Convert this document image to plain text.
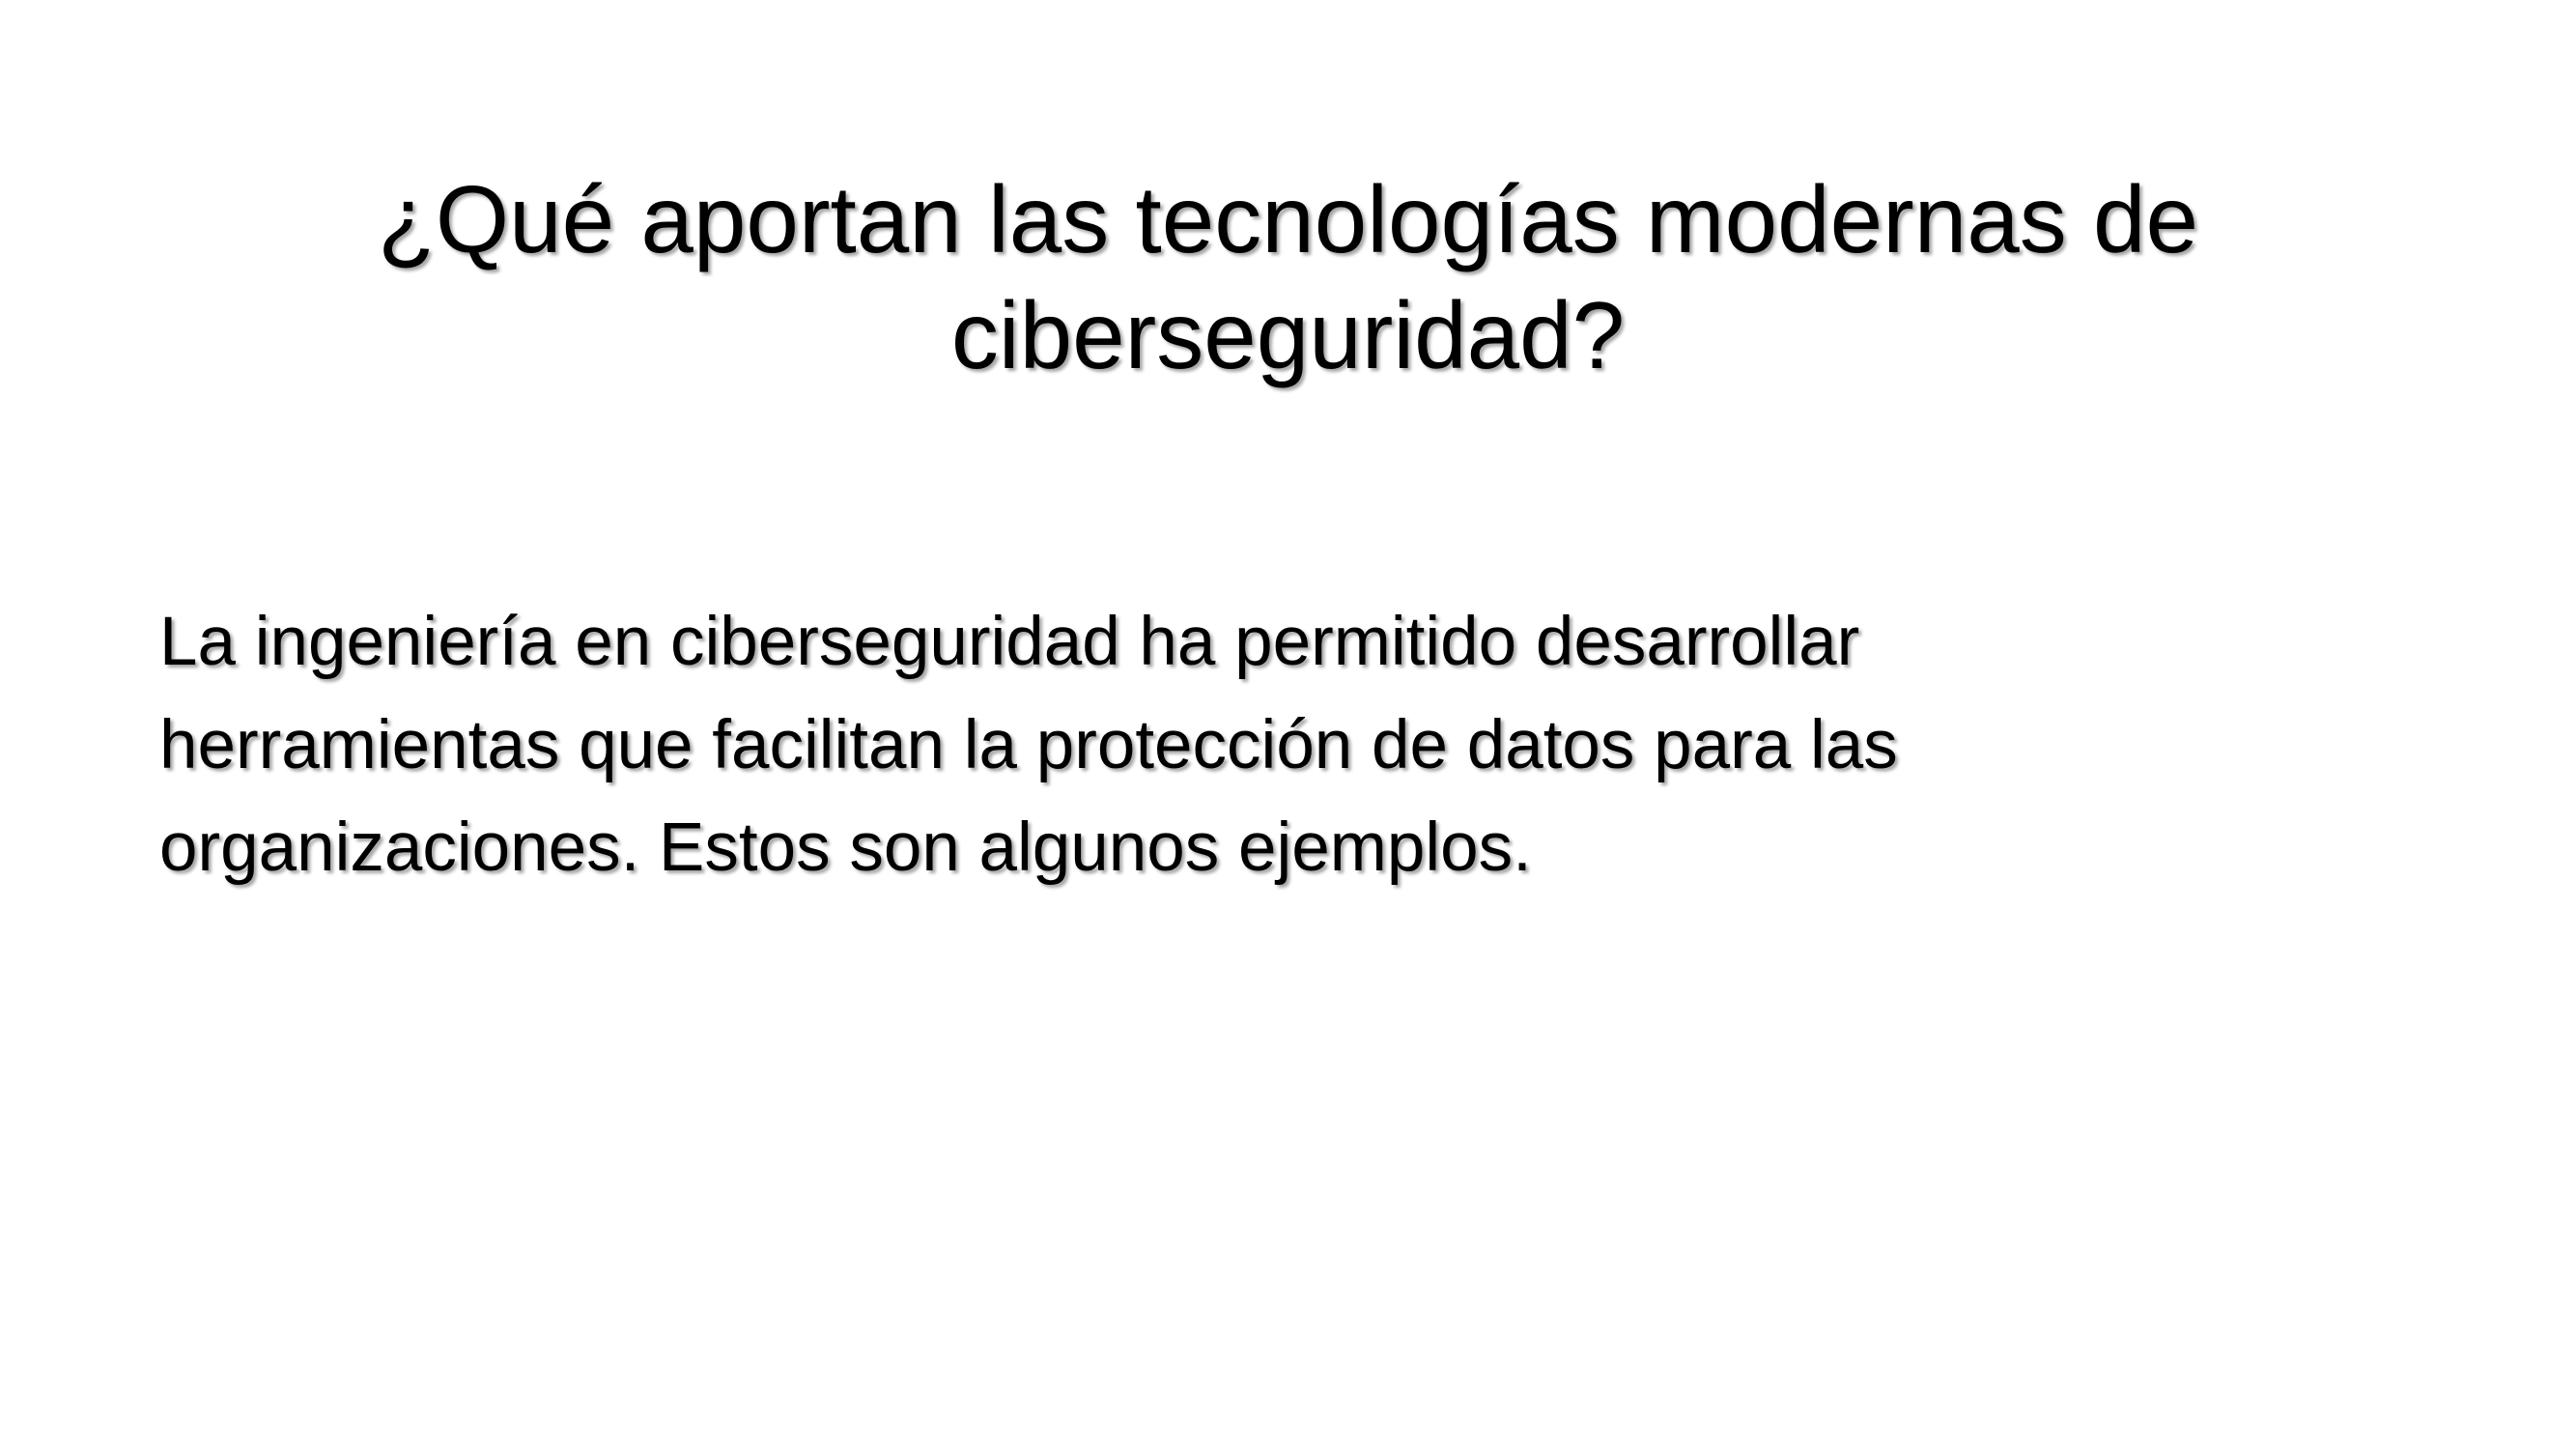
¿Qué aportan las tecnologías modernas de
ciberseguridad?

La ingeniería en ciberseguridad ha permitido desarrollar
herramientas que facilitan la protección de datos para las
organizaciones. Estos son algunos ejemplos.
